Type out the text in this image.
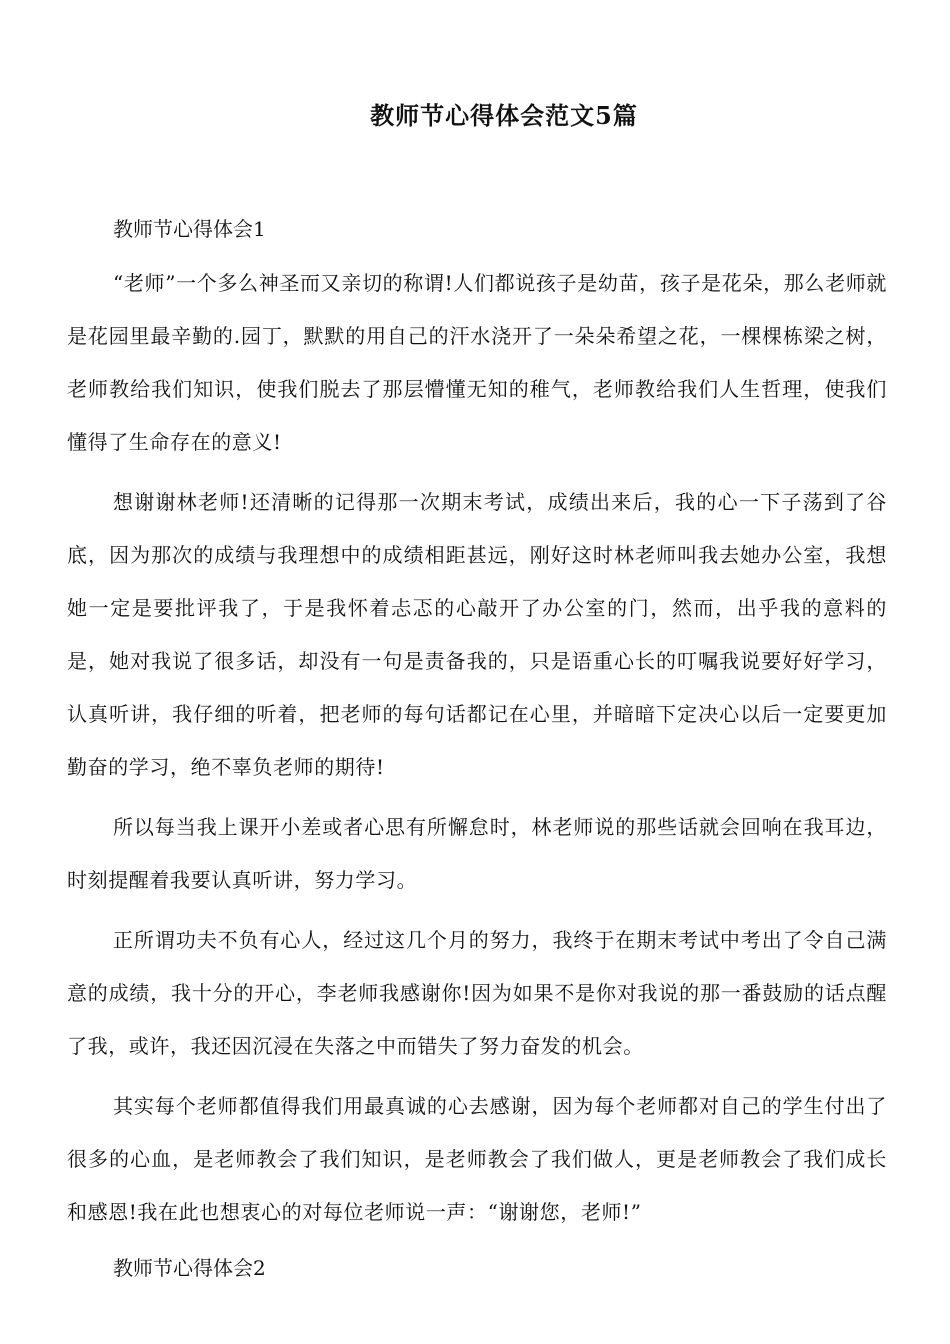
教师节心得体会范文5篇

教师节心得体会1

“老师”一个多么神圣而又亲切的称谓!人们都说孩子是幼苗，孩子是花朵，那么老师就是花园里最辛勤的.园丁，默默的用自己的汗水浇开了一朵朵希望之花，一棵棵栋梁之树，老师教给我们知识，使我们脱去了那层懵懂无知的稚气，老师教给我们人生哲理，使我们懂得了生命存在的意义!

想谢谢林老师!还清晰的记得那一次期末考试，成绩出来后，我的心一下子荡到了谷底，因为那次的成绩与我理想中的成绩相距甚远，刚好这时林老师叫我去她办公室，我想她一定是要批评我了，于是我怀着忐忑的心敲开了办公室的门，然而，出乎我的意料的是，她对我说了很多话，却没有一句是责备我的，只是语重心长的叮嘱我说要好好学习，认真听讲，我仔细的听着，把老师的每句话都记在心里，并暗暗下定决心以后一定要更加勤奋的学习，绝不辜负老师的期待!

所以每当我上课开小差或者心思有所懈怠时，林老师说的那些话就会回响在我耳边，时刻提醒着我要认真听讲，努力学习。

正所谓功夫不负有心人，经过这几个月的努力，我终于在期末考试中考出了令自己满意的成绩，我十分的开心，李老师我感谢你!因为如果不是你对我说的那一番鼓励的话点醒了我，或许，我还因沉浸在失落之中而错失了努力奋发的机会。

其实每个老师都值得我们用最真诚的心去感谢，因为每个老师都对自己的学生付出了很多的心血，是老师教会了我们知识，是老师教会了我们做人，更是老师教会了我们成长和感恩!我在此也想衷心的对每位老师说一声：“谢谢您，老师!”

教师节心得体会2
